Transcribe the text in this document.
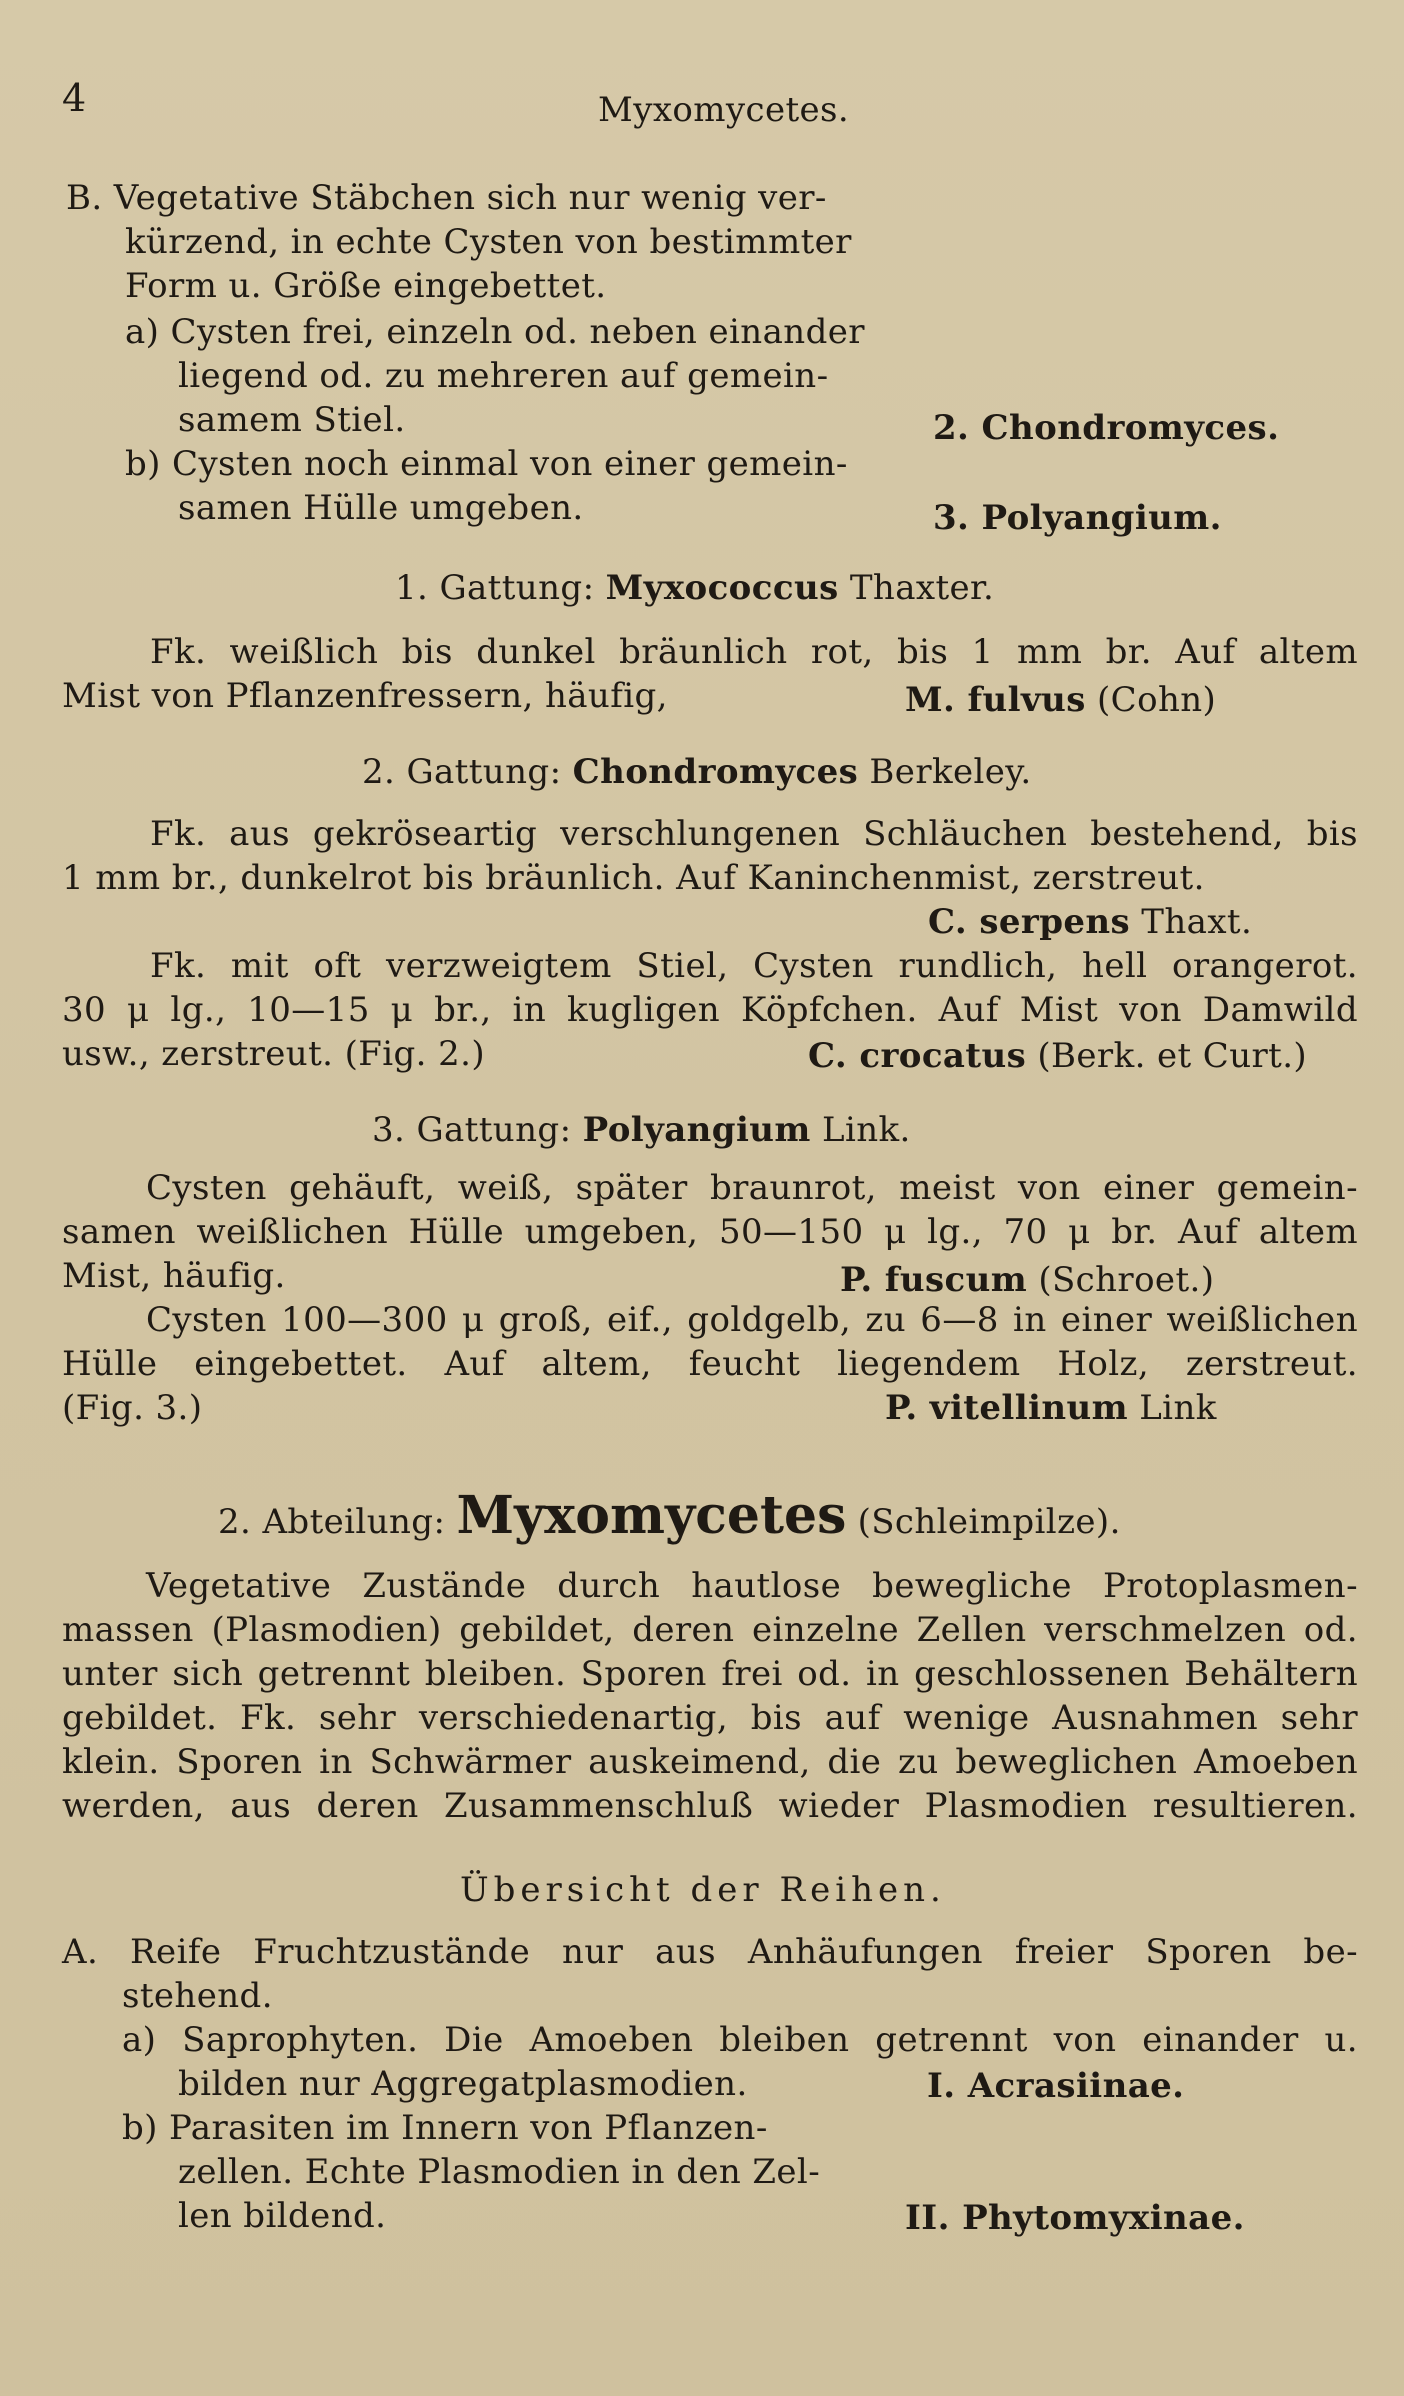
4	Myxomycetes.
B. Vegetative Stäbchen sich nur wenig ver-
kürzend, in echte Cysten von bestimmter
Form u. Größe eingebettet.
a) Cysten frei, einzeln od. neben einander
liegend od. zu mehreren auf gemein-
samem Stiel.	2. Chondromyces.
b) Cysten noch einmal von einer gemein-
samen Hülle umgeben.	3. Polyangium.
1. Gattung: Myxococcus Thaxter.
Fk. weißlich bis dunkel bräunlich rot, bis 1 mm br. Auf altem
Mist von Pflanzenfressern, häufig,	M. fulvus (Cohn)
2. Gattung: Chondromyces Berkeley.
Fk. aus gekröseartig verschlungenen Schläuchen bestehend, bis
1 mm br., dunkelrot bis bräunlich. Auf Kaninchenmist, zerstreut.
C. serpens Thaxt.
Fk. mit oft verzweigtem Stiel, Cysten rundlich, hell orangerot.
30 μ lg., 10—15 μ br., in kugligen Köpfchen. Auf Mist von Damwild
usw., zerstreut. (Fig. 2.)	C. crocatus (Berk. et Curt.)
3. Gattung: Polyangium Link.
Cysten gehäuft, weiß, später braunrot, meist von einer gemein-
samen weißlichen Hülle umgeben, 50—150 μ lg., 70 μ br. Auf altem
Mist, häufig.	P. fuscum (Schroet.)
Cysten 100—300 μ groß, eif., goldgelb, zu 6—8 in einer weißlichen
Hülle eingebettet. Auf altem, feucht liegendem Holz, zerstreut.
(Fig. 3.)	P. vitellinum Link
2. Abteilung: Myxomycetes (Schleimpilze).
Vegetative Zustände durch hautlose bewegliche Protoplasmen-
massen (Plasmodien) gebildet, deren einzelne Zellen verschmelzen od.
unter sich getrennt bleiben. Sporen frei od. in geschlossenen Behältern
gebildet. Fk. sehr verschiedenartig, bis auf wenige Ausnahmen sehr
klein. Sporen in Schwärmer auskeimend, die zu beweglichen Amoeben
werden, aus deren Zusammenschluß wieder Plasmodien resultieren.
Übersicht der Reihen.
A. Reife Fruchtzustände nur aus Anhäufungen freier Sporen be-
stehend.
a) Saprophyten. Die Amoeben bleiben getrennt von einander u.
bilden nur Aggregatplasmodien.	I. Acrasiinae.
b) Parasiten im Innern von Pflanzen-
zellen. Echte Plasmodien in den Zel-
len bildend.	II. Phytomyxinae.
